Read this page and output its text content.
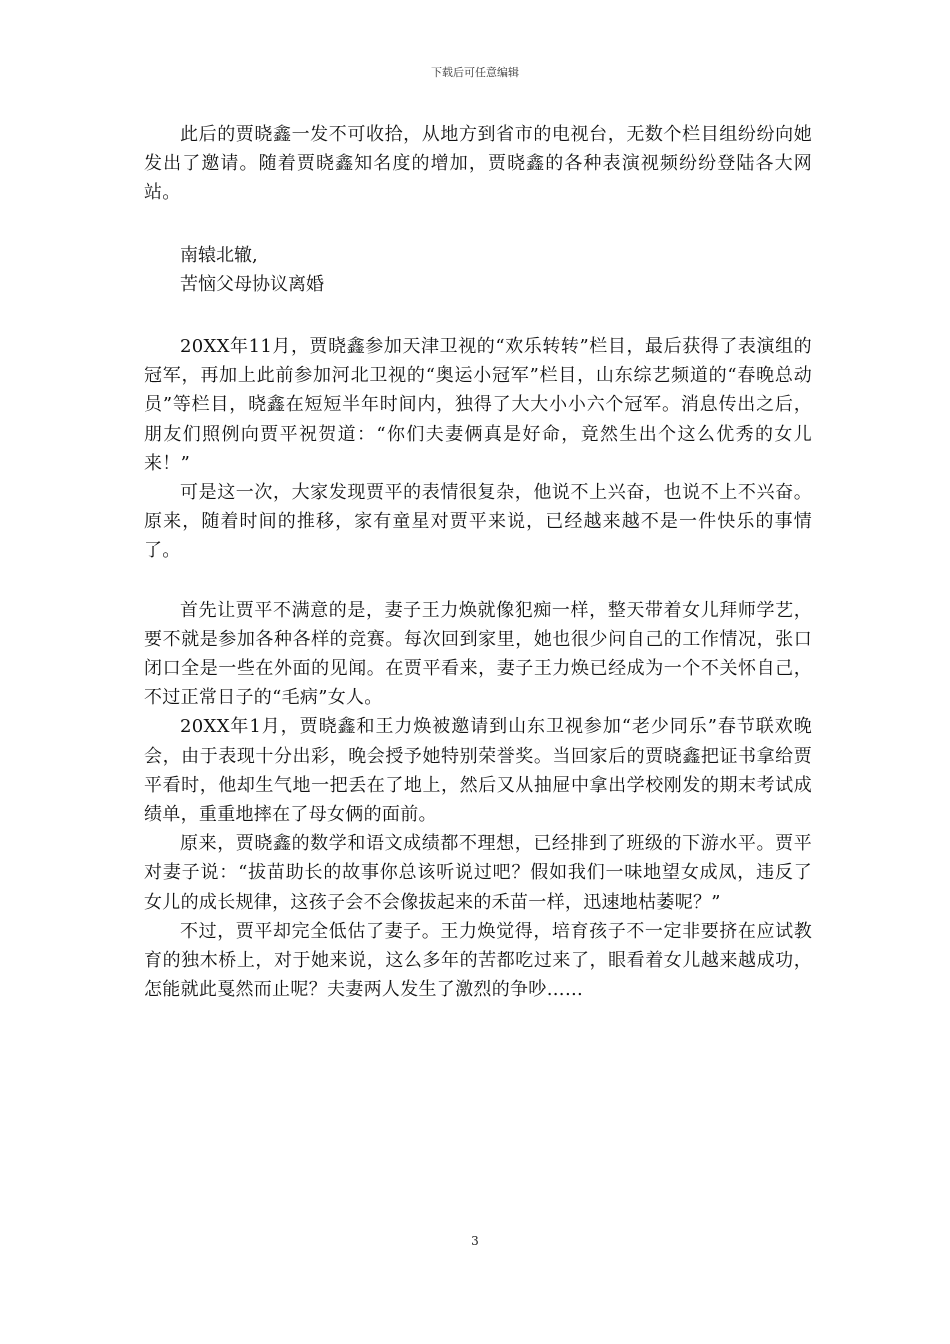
下载后可任意编辑

此后的贾晓鑫一发不可收拾，从地方到省市的电视台，无数个栏目组纷纷向她发出了邀请。随着贾晓鑫知名度的增加，贾晓鑫的各种表演视频纷纷登陆各大网站。

南辕北辙,

苦恼父母协议离婚

20XX年11月，贾晓鑫参加天津卫视的“欢乐转转”栏目，最后获得了表演组的冠军，再加上此前参加河北卫视的“奥运小冠军”栏目，山东综艺频道的“春晚总动员”等栏目，晓鑫在短短半年时间内，独得了大大小小六个冠军。消息传出之后，朋友们照例向贾平祝贺道：“你们夫妻俩真是好命，竟然生出个这么优秀的女儿来！”

可是这一次，大家发现贾平的表情很复杂，他说不上兴奋，也说不上不兴奋。原来，随着时间的推移，家有童星对贾平来说，已经越来越不是一件快乐的事情了。

首先让贾平不满意的是，妻子王力焕就像犯痴一样，整天带着女儿拜师学艺，要不就是参加各种各样的竞赛。每次回到家里，她也很少问自己的工作情况，张口闭口全是一些在外面的见闻。在贾平看来，妻子王力焕已经成为一个不关怀自己，不过正常日子的“毛病”女人。

20XX年1月，贾晓鑫和王力焕被邀请到山东卫视参加“老少同乐”春节联欢晚会，由于表现十分出彩，晚会授予她特别荣誉奖。当回家后的贾晓鑫把证书拿给贾平看时，他却生气地一把丢在了地上，然后又从抽屉中拿出学校刚发的期末考试成绩单，重重地摔在了母女俩的面前。

原来，贾晓鑫的数学和语文成绩都不理想，已经排到了班级的下游水平。贾平对妻子说：“拔苗助长的故事你总该听说过吧？假如我们一味地望女成凤，违反了女儿的成长规律，这孩子会不会像拔起来的禾苗一样，迅速地枯萎呢？”

不过，贾平却完全低估了妻子。王力焕觉得，培育孩子不一定非要挤在应试教育的独木桥上，对于她来说，这么多年的苦都吃过来了，眼看着女儿越来越成功，怎能就此戛然而止呢？夫妻两人发生了激烈的争吵……

3
